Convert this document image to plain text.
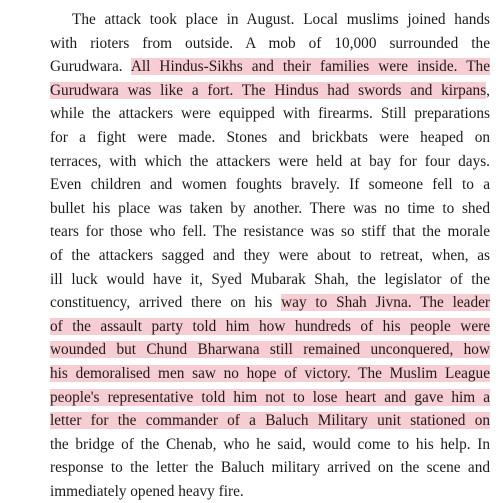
The attack took place in August. Local muslims joined hands
with rioters from outside. A mob of 10,000 surrounded the
Gurudwara. All Hindus-Sikhs and their families were inside. The
Gurudwara was like a fort. The Hindus had swords and kirpans,
while the attackers were equipped with firearms. Still preparations
for a fight were made. Stones and brickbats were heaped on
terraces, with which the attackers were held at bay for four days.
Even children and women foughts bravely. If someone fell to a
bullet his place was taken by another. There was no time to shed
tears for those who fell. The resistance was so stiff that the morale
of the attackers sagged and they were about to retreat, when, as
ill luck would have it, Syed Mubarak Shah, the legislator of the
constituency, arrived there on his way to Shah Jivna. The leader
of the assault party told him how hundreds of his people were
wounded but Chund Bharwana still remained unconquered, how
his demoralised men saw no hope of victory. The Muslim League
people's representative told him not to lose heart and gave him a
letter for the commander of a Baluch Military unit stationed on
the bridge of the Chenab, who he said, would come to his help. In
response to the letter the Baluch military arrived on the scene and
immediately opened heavy fire.
